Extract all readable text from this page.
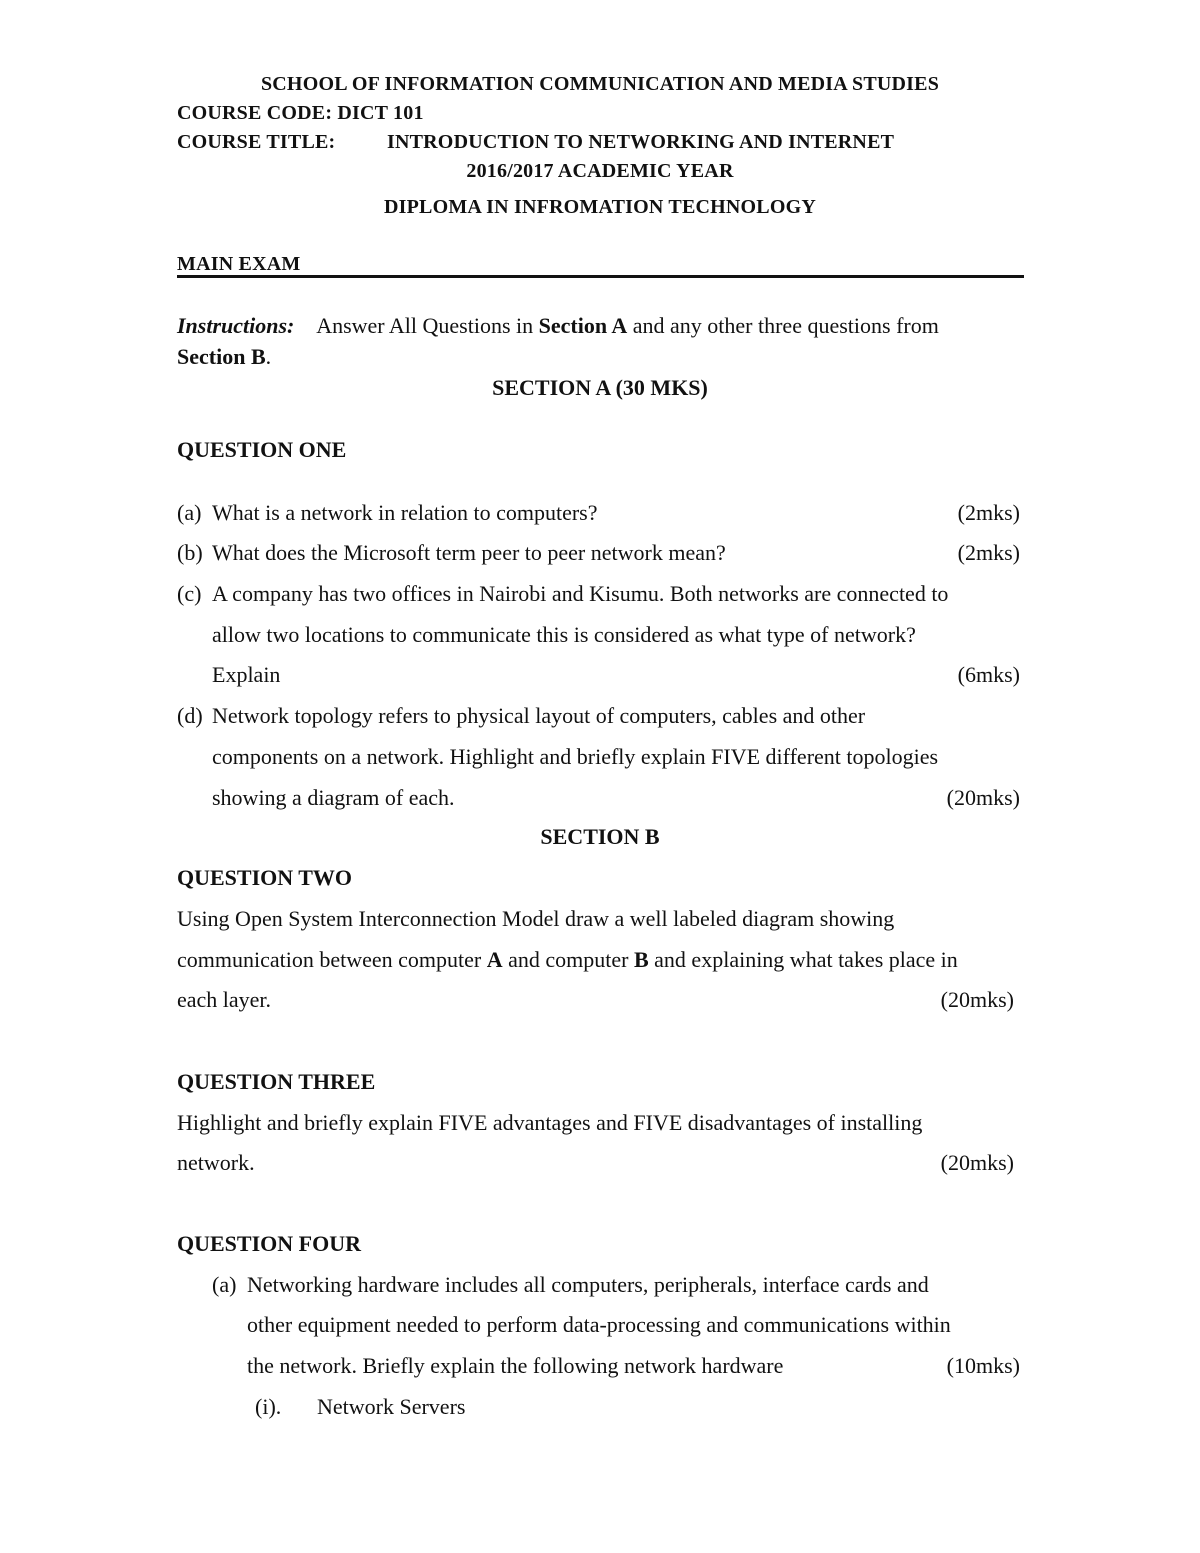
SCHOOL OF INFORMATION COMMUNICATION AND MEDIA STUDIES
COURSE CODE: DICT 101
COURSE TITLE:	INTRODUCTION TO NETWORKING AND INTERNET
2016/2017 ACADEMIC YEAR
DIPLOMA IN INFROMATION TECHNOLOGY
MAIN EXAM
Instructions: Answer All Questions in Section A and any other three questions from
Section B.
SECTION A (30 MKS)
QUESTION ONE
(a) What is a network in relation to computers?	(2mks)
(b) What does the Microsoft term peer to peer network mean?	(2mks)
(c) A company has two offices in Nairobi and Kisumu. Both networks are connected to
allow two locations to communicate this is considered as what type of network?
Explain	(6mks)
(d) Network topology refers to physical layout of computers, cables and other
components on a network. Highlight and briefly explain FIVE different topologies
showing a diagram of each.	(20mks)
SECTION B
QUESTION TWO
Using Open System Interconnection Model draw a well labeled diagram showing
communication between computer A and computer B and explaining what takes place in
each layer.	(20mks)
QUESTION THREE
Highlight and briefly explain FIVE advantages and FIVE disadvantages of installing
network.	(20mks)
QUESTION FOUR
(a) Networking hardware includes all computers, peripherals, interface cards and
other equipment needed to perform data-processing and communications within
the network. Briefly explain the following network hardware	(10mks)
(i). Network Servers
